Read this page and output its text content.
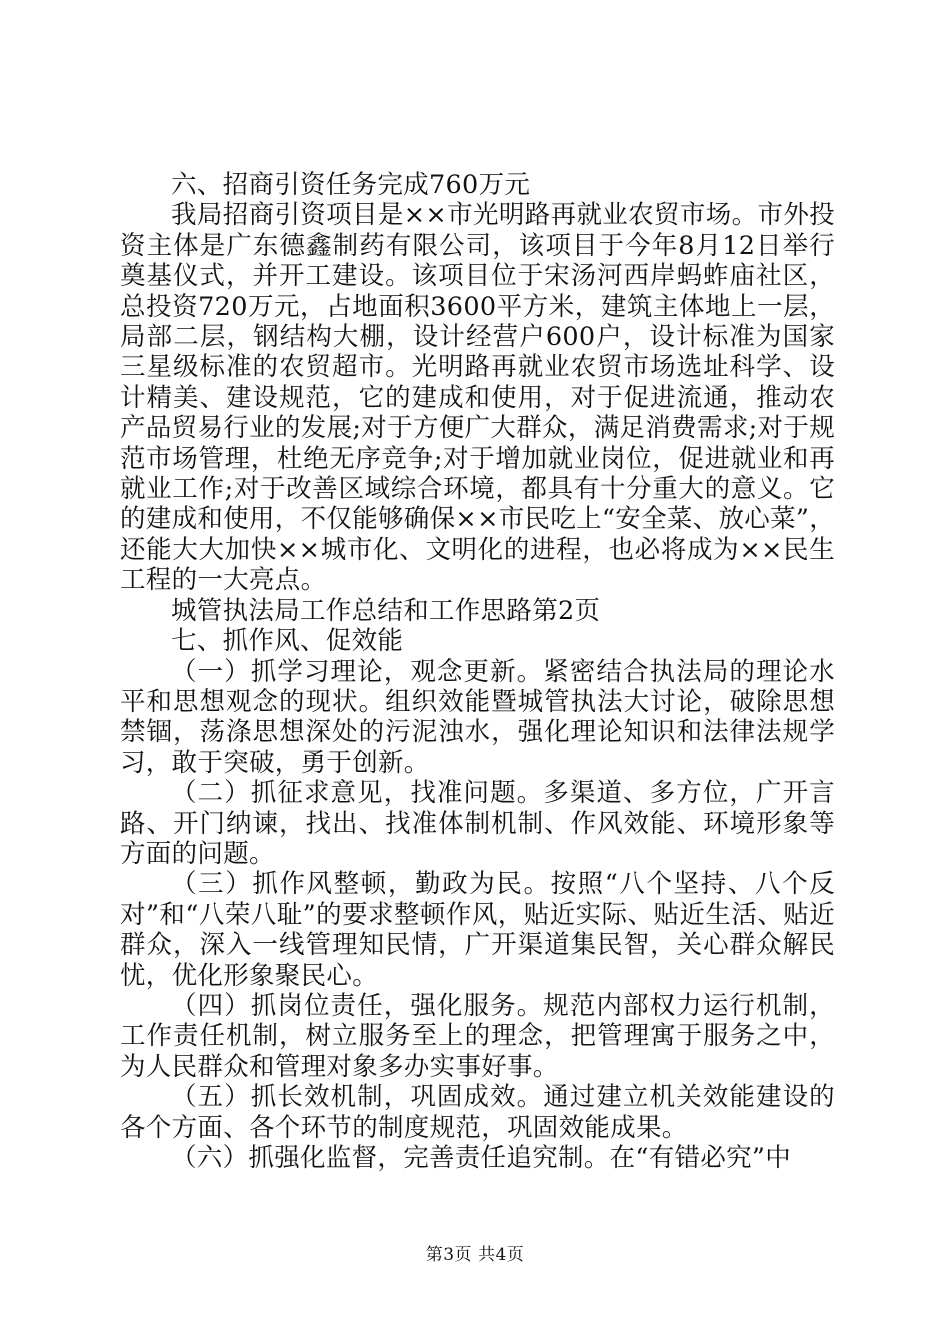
六、招商引资任务完成760万元

我局招商引资项目是××市光明路再就业农贸市场。市外投资主体是广东德鑫制药有限公司，该项目于今年8月12日举行奠基仪式，并开工建设。该项目位于宋汤河西岸蚂蚱庙社区，总投资720万元，占地面积3600平方米，建筑主体地上一层，局部二层，钢结构大棚，设计经营户600户，设计标准为国家三星级标准的农贸超市。光明路再就业农贸市场选址科学、设计精美、建设规范，它的建成和使用，对于促进流通，推动农产品贸易行业的发展;对于方便广大群众，满足消费需求;对于规范市场管理，杜绝无序竞争;对于增加就业岗位，促进就业和再就业工作;对于改善区域综合环境，都具有十分重大的意义。它的建成和使用，不仅能够确保××市民吃上“安全菜、放心菜”，还能大大加快××城市化、文明化的进程，也必将成为××民生工程的一大亮点。

城管执法局工作总结和工作思路第2页

七、抓作风、促效能

（一）抓学习理论，观念更新。紧密结合执法局的理论水平和思想观念的现状。组织效能暨城管执法大讨论，破除思想禁锢，荡涤思想深处的污泥浊水，强化理论知识和法律法规学习，敢于突破，勇于创新。

（二）抓征求意见，找准问题。多渠道、多方位，广开言路、开门纳谏，找出、找准体制机制、作风效能、环境形象等方面的问题。

（三）抓作风整顿，勤政为民。按照“八个坚持、八个反对”和“八荣八耻”的要求整顿作风，贴近实际、贴近生活、贴近群众，深入一线管理知民情，广开渠道集民智，关心群众解民忧，优化形象聚民心。

（四）抓岗位责任，强化服务。规范内部权力运行机制，工作责任机制，树立服务至上的理念，把管理寓于服务之中，为人民群众和管理对象多办实事好事。

（五）抓长效机制，巩固成效。通过建立机关效能建设的各个方面、各个环节的制度规范，巩固效能成果。

（六）抓强化监督，完善责任追究制。在“有错必究”中

第3页 共4页
